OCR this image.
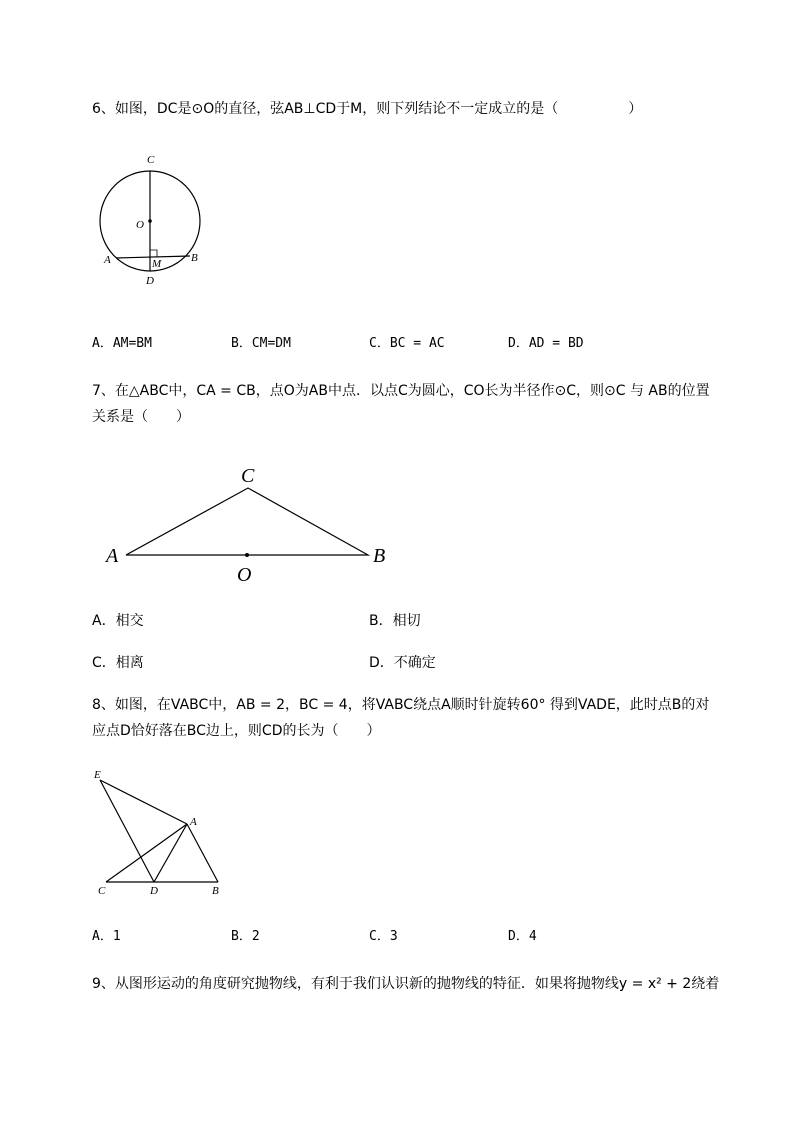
6、如图，DC是⊙O的直径，弦AB⊥CD于M，则下列结论不一定成立的是（　　　　　）
C
O
A	M	B
D
A．AM=BM	B．CM=DM	C．BC = AC	D．AD = BD
7、在△ABC中，CA = CB，点O为AB中点．以点C为圆心，CO长为半径作⊙C，则⊙C 与 AB的位置
关系是（　　）
C
A
O
B
A．相交	B．相切
C．相离	D．不确定
8、如图，在VABC中，AB = 2，BC = 4，将VABC绕点A顺时针旋转60° 得到VADE，此时点B的对
应点D恰好落在BC边上，则CD的长为（　　）
E
A
C	D	B
A．1	B．2	C．3	D．4
9、从图形运动的角度研究抛物线，有利于我们认识新的抛物线的特征．如果将抛物线y = x² + 2绕着
